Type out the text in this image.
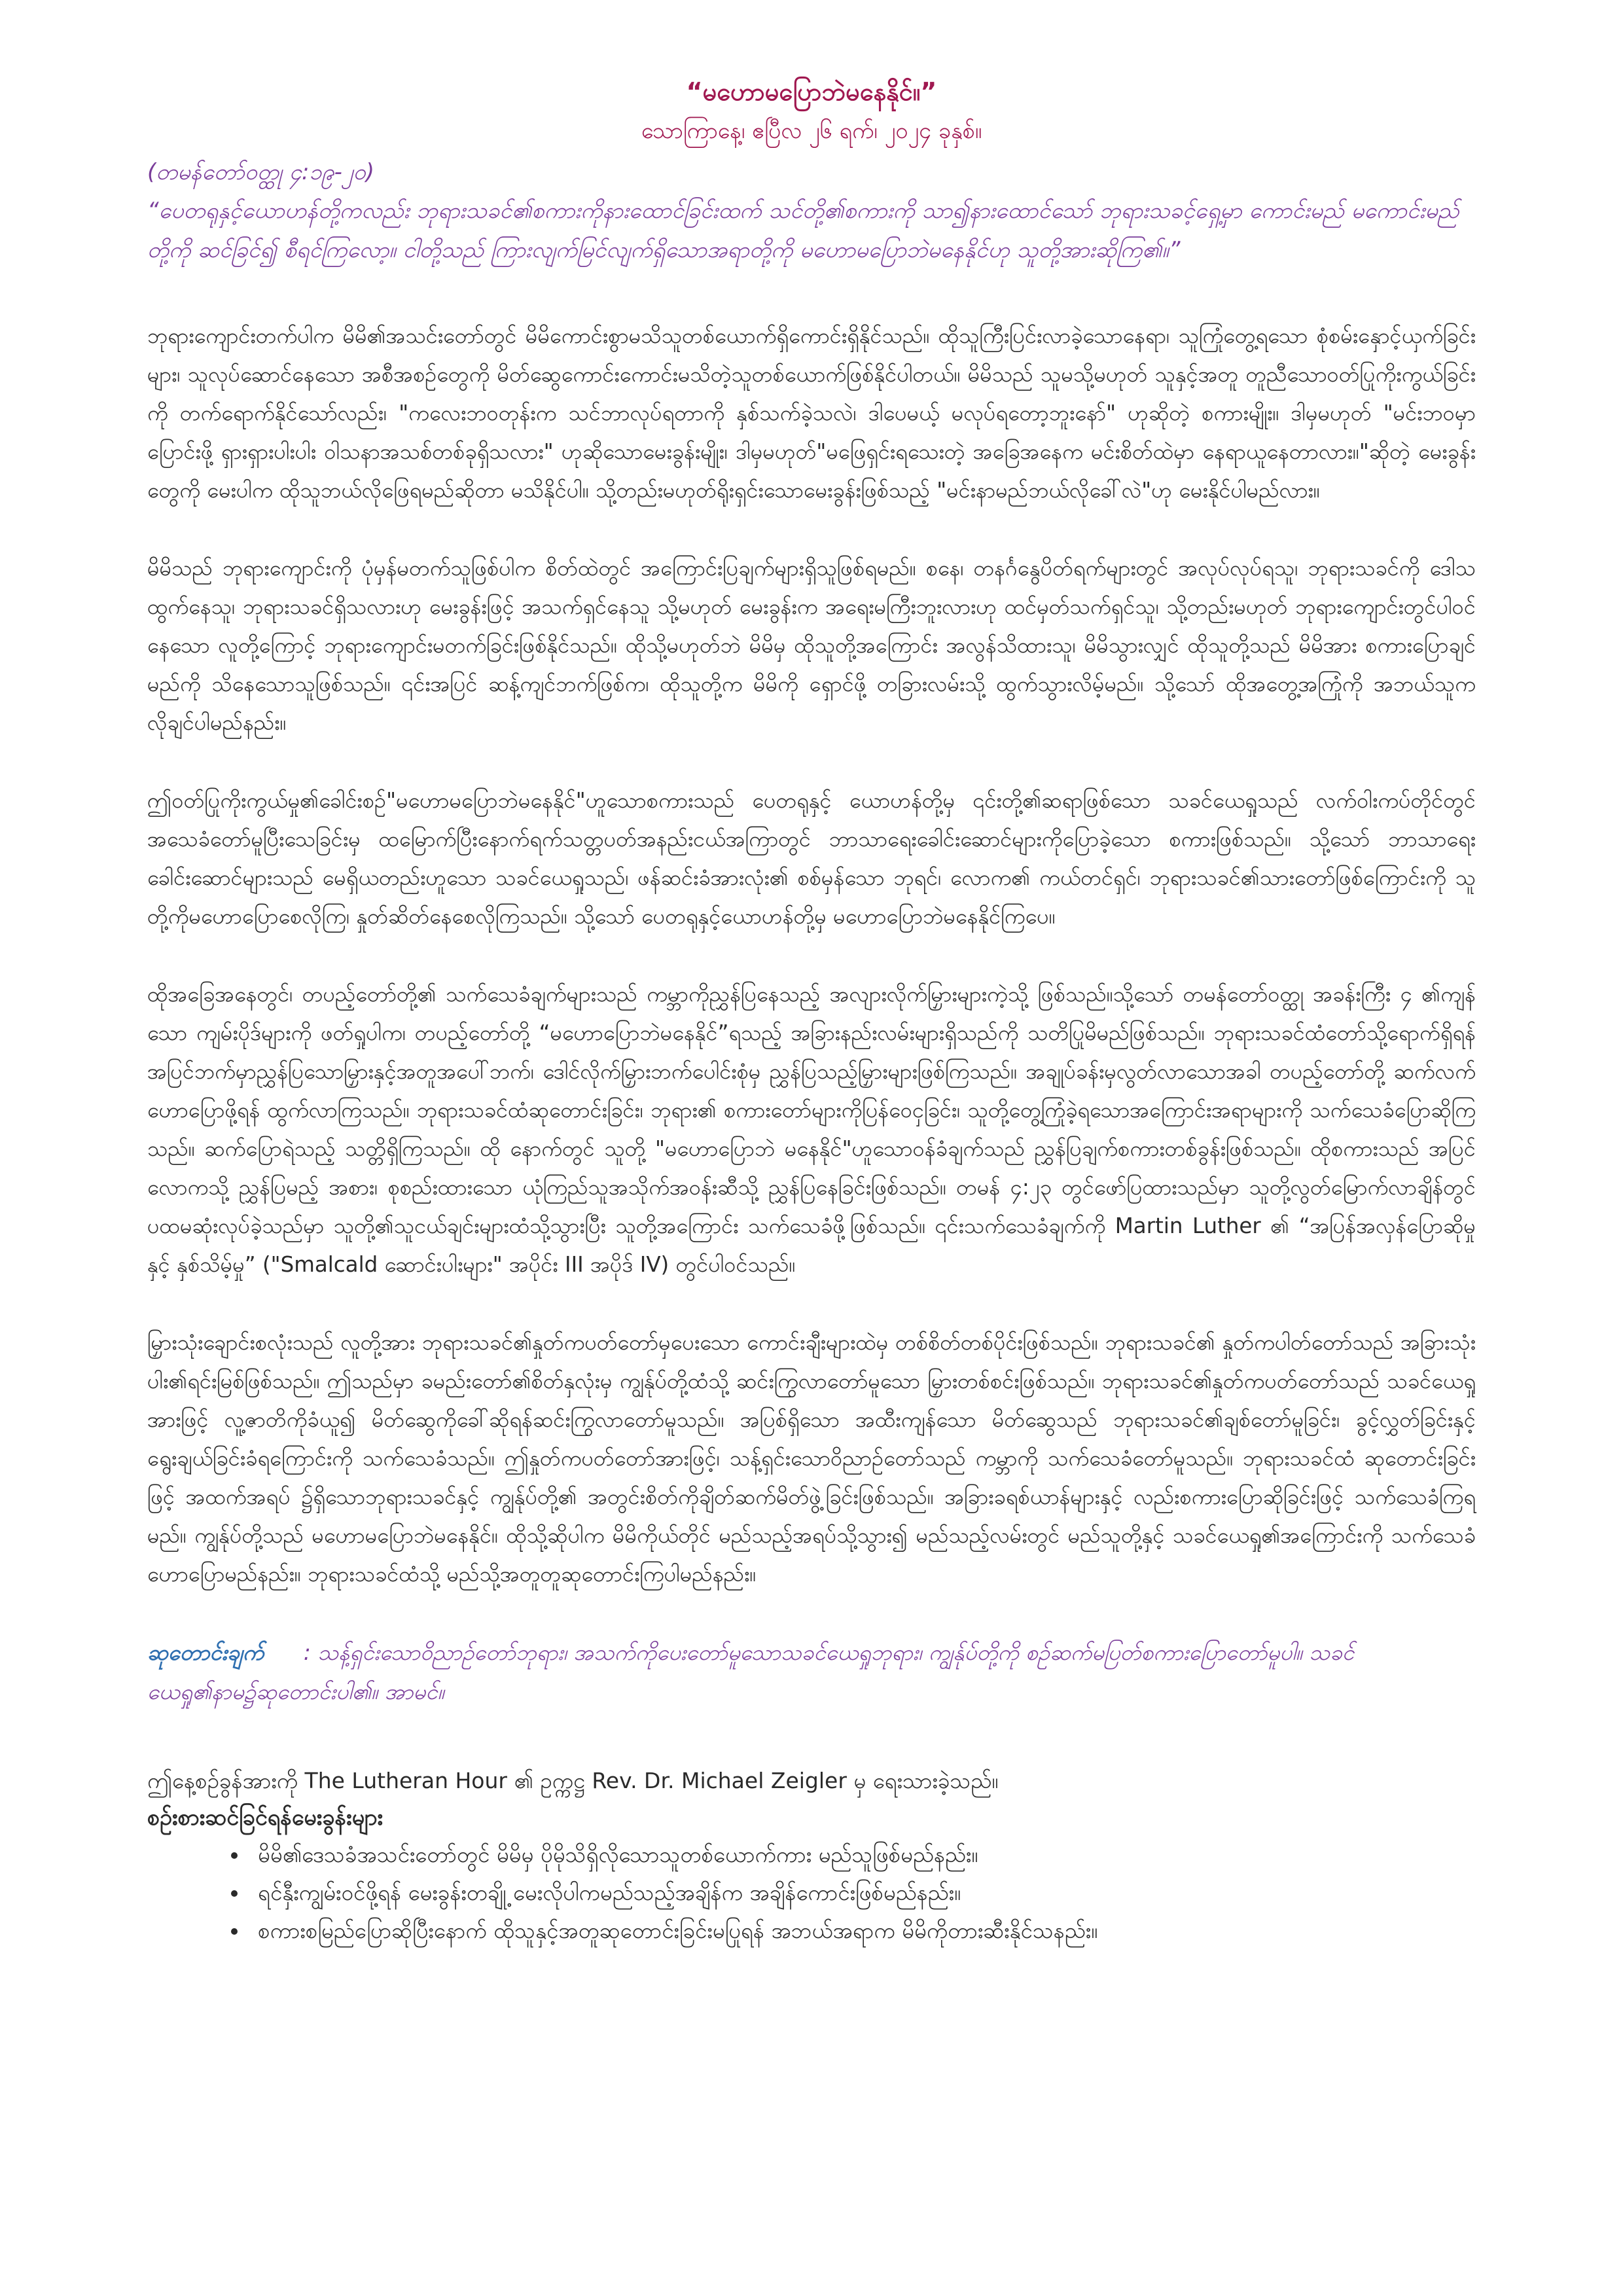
“မဟောမပြောဘဲမနေနိုင်။”

သောကြာနေ့၊ ဧပြီလ ၂၆ ရက်၊ ၂၀၂၄ ခုနှစ်။

(တမန်တော်ဝတ္ထု ၄:၁၉-၂၀)

“ပေတရုနှင့်ယောဟန်တို့ကလည်း ဘုရားသခင်၏စကားကိုနားထောင်ခြင်းထက် သင်တို့၏စကားကို သာ၍နားထောင်သော် ဘုရားသခင့်ရှေ့မှာ ကောင်းမည် မကောင်းမည်တို့ကို ဆင်ခြင်၍ စီရင်ကြလော့။ ငါတို့သည် ကြားလျက်မြင်လျက်ရှိသောအရာတို့ကို မဟောမပြောဘဲမနေနိုင်ဟု သူတို့အားဆိုကြ၏။”

ဘုရားကျောင်းတက်ပါက မိမိ၏အသင်းတော်တွင် မိမိကောင်းစွာမသိသူတစ်ယောက်ရှိကောင်းရှိနိုင်သည်။ ထိုသူကြီးပြင်းလာခဲ့သောနေရာ၊ သူကြုံတွေ့ရသော စုံစမ်းနှောင့်ယှက်ခြင်းများ၊ သူလုပ်ဆောင်နေသော အစီအစဉ်တွေကို မိတ်ဆွေကောင်းကောင်းမသိတဲ့သူတစ်ယောက်ဖြစ်နိုင်ပါတယ်။ မိမိသည် သူမသို့မဟုတ် သူနှင့်အတူ တူညီသောဝတ်ပြုကိုးကွယ်ခြင်းကို တက်ရောက်နိုင်သော်လည်း၊ "ကလေးဘဝတုန်းက သင်ဘာလုပ်ရတာကို နှစ်သက်ခဲ့သလဲ၊ ဒါပေမယ့် မလုပ်ရတော့ဘူးနော်" ဟုဆိုတဲ့ စကားမျိုး။ ဒါမှမဟုတ် "မင်းဘဝမှာပြောင်းဖို့ ရှားရှားပါးပါး ဝါသနာအသစ်တစ်ခုရှိသလား" ဟုဆိုသောမေးခွန်းမျိုး၊ ဒါမှမဟုတ်"မဖြေရှင်းရသေးတဲ့ အခြေအနေက မင်းစိတ်ထဲမှာ နေရာယူနေတာလား။"ဆိုတဲ့ မေးခွန်းတွေကို မေးပါက ထိုသူဘယ်လိုဖြေရမည်ဆိုတာ မသိနိုင်ပါ။ သို့တည်းမဟုတ်ရိုးရှင်းသောမေးခွန်းဖြစ်သည့် "မင်းနာမည်ဘယ်လိုခေါ်လဲ"ဟု မေးနိုင်ပါမည်လား။

မိမိသည် ဘုရားကျောင်းကို ပုံမှန်မတက်သူဖြစ်ပါက စိတ်ထဲတွင် အကြောင်းပြချက်များရှိသူဖြစ်ရမည်။ စနေ၊ တနင်္ဂနွေပိတ်ရက်များတွင် အလုပ်လုပ်ရသူ၊ ဘုရားသခင်ကို ဒေါသထွက်နေသူ၊ ဘုရားသခင်ရှိသလားဟု မေးခွန်းဖြင့် အသက်ရှင်နေသူ သို့မဟုတ် မေးခွန်းက အရေးမကြီးဘူးလားဟု ထင်မှတ်သက်ရှင်သူ၊ သို့တည်းမဟုတ် ဘုရားကျောင်းတွင်ပါဝင်နေသော လူတို့ကြောင့် ဘုရားကျောင်းမတက်ခြင်းဖြစ်နိုင်သည်။ ထိုသို့မဟုတ်ဘဲ မိမိမှ ထိုသူတို့အကြောင်း အလွန်သိထားသူ၊ မိမိသွားလျှင် ထိုသူတို့သည် မိမိအား စကားပြောချင်မည်ကို သိနေသောသူဖြစ်သည်။ ၎င်းအပြင် ဆန့်ကျင်ဘက်ဖြစ်က၊ ထိုသူတို့က မိမိကို ရှောင်ဖို့ တခြားလမ်းသို့ ထွက်သွားလိမ့်မည်။ သို့သော် ထိုအတွေ့အကြုံကို အဘယ်သူက လိုချင်ပါမည်နည်း။

ဤဝတ်ပြုကိုးကွယ်မှု၏ခေါင်းစဉ်"မဟောမပြောဘဲမနေနိုင်"ဟူသောစကားသည် ပေတရုနှင့် ယောဟန်တို့မှ ၎င်းတို့၏ဆရာဖြစ်သော သခင်ယေရှုသည် လက်ဝါးကပ်တိုင်တွင်အသေခံတော်မူပြီးသေခြင်းမှ ထမြောက်ပြီးနောက်ရက်သတ္တပတ်အနည်းငယ်အကြာတွင် ဘာသာရေးခေါင်းဆောင်များကိုပြောခဲ့သော စကားဖြစ်သည်။ သို့သော် ဘာသာရေးခေါင်းဆောင်များသည် မေရှိယတည်းဟူသော သခင်ယေရှုသည်၊ ဖန်ဆင်းခံအားလုံး၏ စစ်မှန်သော ဘုရင်၊ လောက၏ ကယ်တင်ရှင်၊ ဘုရားသခင်၏သားတော်ဖြစ်ကြောင်းကို သူတို့ကိုမဟောပြောစေလိုကြ၊ နှုတ်ဆိတ်နေစေလိုကြသည်။ သို့သော် ပေတရုနှင့်ယောဟန်တို့မှ မဟောပြောဘဲမနေနိုင်ကြပေ။

ထိုအခြေအနေတွင်၊ တပည့်တော်တို့၏ သက်သေခံချက်များသည် ကမ္ဘာကိုညွှန်ပြနေသည့် အလျားလိုက်မြှားများကဲ့သို့ ဖြစ်သည်။သို့သော် တမန်တော်ဝတ္ထု အခန်းကြီး ၄ ၏ကျန်သော ကျမ်းပိုဒ်များကို ဖတ်ရှုပါက၊ တပည့်တော်တို့ “မဟောပြောဘဲမနေနိုင်”ရသည့် အခြားနည်းလမ်းများရှိသည်ကို သတိပြုမိမည်ဖြစ်သည်။ ဘုရားသခင်ထံတော်သို့ရောက်ရှိရန် အပြင်ဘက်မှာညွှန်ပြသောမြှားနှင့်အတူအပေါ်ဘက်၊ ဒေါင်လိုက်မြှားဘက်ပေါင်းစုံမှ ညွှန်ပြသည့်မြှားများဖြစ်ကြသည်။ အချုပ်ခန်းမှလွတ်လာသောအခါ တပည့်တော်တို့ ဆက်လက်ဟောပြောဖို့ရန် ထွက်လာကြသည်။ ဘုရားသခင်ထံဆုတောင်းခြင်း၊ ဘုရား၏ စကားတော်များကိုပြန်ဝေငှခြင်း၊ သူတို့တွေ့ကြုံခဲ့ရသောအကြောင်းအရာများကို သက်သေခံပြောဆိုကြသည်။ ဆက်ပြောရဲသည့် သတ္တိရှိကြသည်။ ထို နောက်တွင် သူတို့ "မဟောပြောဘဲ မနေနိုင်"ဟူသောဝန်ခံချက်သည် ညွှန်ပြချက်စကားတစ်ခွန်းဖြစ်သည်။ ထိုစကားသည် အပြင်လောကသို့ ညွှန်ပြမည့် အစား၊ စုစည်းထားသော ယုံကြည်သူအသိုက်အဝန်းဆီသို့ ညွှန်ပြနေခြင်းဖြစ်သည်။ တမန် ၄:၂၃ တွင်ဖော်ပြထားသည်မှာ သူတို့လွတ်မြောက်လာချိန်တွင် ပထမဆုံးလုပ်ခဲ့သည်မှာ သူတို့၏သူငယ်ချင်းများထံသို့သွားပြီး သူတို့အကြောင်း သက်သေခံဖို့ဖြစ်သည်။ ၎င်းသက်သေခံချက်ကို Martin Luther ၏ “အပြန်အလှန်ပြောဆိုမှုနှင့် နှစ်သိမ့်မှု” ("Smalcald ဆောင်းပါးများ" အပိုင်း III အပိုဒ် IV) တွင်ပါဝင်သည်။

မြှားသုံးချောင်းစလုံးသည် လူတို့အား ဘုရားသခင်၏နှုတ်ကပတ်တော်မှပေးသော ကောင်းချီးများထဲမှ တစ်စိတ်တစ်ပိုင်းဖြစ်သည်။ ဘုရားသခင်၏ နှုတ်ကပါတ်တော်သည် အခြားသုံးပါး၏ရင်းမြစ်ဖြစ်သည်။ ဤသည်မှာ ခမည်းတော်၏စိတ်နှလုံးမှ ကျွန်ုပ်တို့ထံသို့ ဆင်းကြွလာတော်မူသော မြှားတစ်စင်းဖြစ်သည်။ ဘုရားသခင်၏နှုတ်ကပတ်တော်သည် သခင်ယေရှုအားဖြင့် လူ့ဇာတိကိုခံယူ၍ မိတ်ဆွေကိုခေါ်ဆိုရန်ဆင်းကြွလာတော်မူသည်။ အပြစ်ရှိသော အထီးကျန်သော မိတ်ဆွေသည် ဘုရားသခင်၏ချစ်တော်မူခြင်း၊ ခွင့်လွှတ်ခြင်းနှင့် ရွေးချယ်ခြင်းခံရကြောင်းကို သက်သေခံသည်။ ဤနှုတ်ကပတ်တော်အားဖြင့်၊ သန့်ရှင်းသောဝိညာဉ်တော်သည် ကမ္ဘာကို သက်သေခံတော်မူသည်။ ဘုရားသခင်ထံ ဆုတောင်းခြင်းဖြင့် အထက်အရပ် ၌ရှိသောဘုရားသခင်နှင့် ကျွန်ုပ်တို့၏ အတွင်းစိတ်ကိုချိတ်ဆက်မိတ်ဖွဲ့ခြင်းဖြစ်သည်။ အခြားခရစ်ယာန်များနှင့် လည်းစကားပြောဆိုခြင်းဖြင့် သက်သေခံကြရမည်။ ကျွန်ုပ်တို့သည် မဟောမပြောဘဲမနေနိုင်။ ထိုသို့ဆိုပါက မိမိကိုယ်တိုင် မည်သည့်အရပ်သို့သွား၍ မည်သည့်လမ်းတွင် မည်သူတို့နှင့် သခင်ယေရှု၏အကြောင်းကို သက်သေခံဟောပြောမည်နည်း။ ဘုရားသခင်ထံသို့ မည်သို့အတူတူဆုတောင်းကြပါမည်နည်း။

ဆုတောင်းချက် : သန့်ရှင်းသောဝိညာဉ်တော်ဘုရား၊ အသက်ကိုပေးတော်မူသောသခင်ယေရှုဘုရား၊ ကျွန်ုပ်တို့ကို စဉ်ဆက်မပြတ်စကားပြောတော်မူပါ။ သခင်ယေရှု၏နာမ၌ဆုတောင်းပါ၏။ အာမင်။

ဤနေ့စဉ်ခွန်အားကို The Lutheran Hour ၏ ဥက္ကဋ္ဌ Rev. Dr. Michael Zeigler မှ ရေးသားခဲ့သည်။

စဉ်းစားဆင်ခြင်ရန်မေးခွန်းများ

• မိမိ၏ဒေသခံအသင်းတော်တွင် မိမိမှ ပိုမိုသိရှိလိုသောသူတစ်ယောက်ကား မည်သူဖြစ်မည်နည်း။
• ရင်နှီးကျွမ်းဝင်ဖို့ရန် မေးခွန်းတချို့ မေးလိုပါကမည်သည့်အချိန်က အချိန်ကောင်းဖြစ်မည်နည်း။
• စကားစမြည်ပြောဆိုပြီးနောက် ထိုသူနှင့်အတူဆုတောင်းခြင်းမပြုရန် အဘယ်အရာက မိမိကိုတားဆီးနိုင်သနည်း။
